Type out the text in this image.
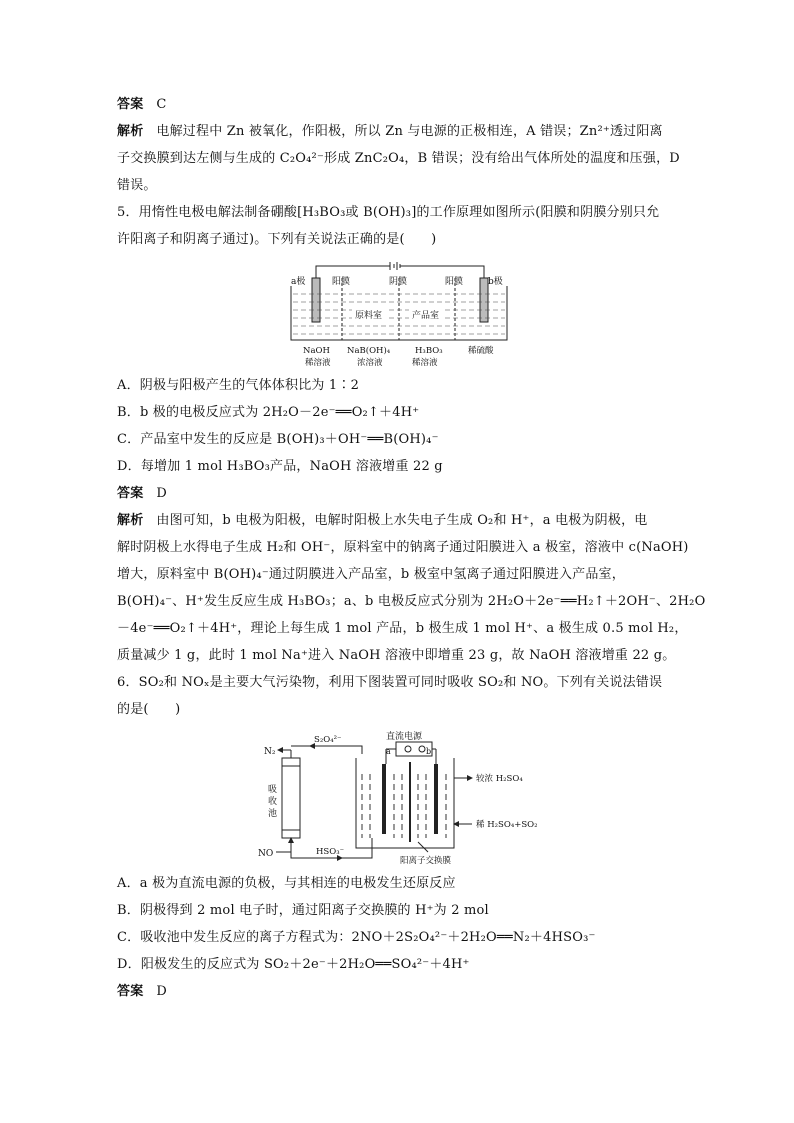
答案 C
解析 电解过程中 Zn 被氧化，作阳极，所以 Zn 与电源的正极相连，A 错误；Zn²⁺透过阳离
子交换膜到达左侧与生成的 C₂O₄²⁻形成 ZnC₂O₄，B 错误；没有给出气体所处的温度和压强，D
错误。
5．用惰性电极电解法制备硼酸[H₃BO₃或 B(OH)₃]的工作原理如图所示(阳膜和阴膜分别只允
许阳离子和阴离子通过)。下列有关说法正确的是(　　)
a极	b极
阳膜	阴膜	阳膜
原料室	产品室
NaOH
稀溶液
NaB(OH)₄
浓溶液
H₃BO₃
稀溶液
稀硫酸
A．阴极与阳极产生的气体体积比为 1∶2
B．b 极的电极反应式为 2H₂O－2e⁻══O₂↑＋4H⁺
C．产品室中发生的反应是 B(OH)₃＋OH⁻══B(OH)₄⁻
D．每增加 1 mol H₃BO₃产品，NaOH 溶液增重 22 g
答案 D
解析 由图可知，b 电极为阳极，电解时阳极上水失电子生成 O₂和 H⁺，a 电极为阴极，电
解时阴极上水得电子生成 H₂和 OH⁻，原料室中的钠离子通过阳膜进入 a 极室，溶液中 c(NaOH)
增大，原料室中 B(OH)₄⁻通过阴膜进入产品室，b 极室中氢离子通过阳膜进入产品室，
B(OH)₄⁻、H⁺发生反应生成 H₃BO₃；a、b 电极反应式分别为 2H₂O＋2e⁻══H₂↑＋2OH⁻、2H₂O
－4e⁻══O₂↑＋4H⁺，理论上每生成 1 mol 产品，b 极生成 1 mol H⁺、a 极生成 0.5 mol H₂，
质量减少 1 g，此时 1 mol Na⁺进入 NaOH 溶液中即增重 23 g，故 NaOH 溶液增重 22 g。
6．SO₂和 NOₓ是主要大气污染物，利用下图装置可同时吸收 SO₂和 NO。下列有关说法错误
的是(　　)
N₂
NO
S₂O₄²⁻
HSO₃⁻
吸
收
池
直流电源
a	b
较浓 H₂SO₄
稀 H₂SO₄+SO₂
阳离子交换膜
A．a 极为直流电源的负极，与其相连的电极发生还原反应
B．阴极得到 2 mol 电子时，通过阳离子交换膜的 H⁺为 2 mol
C．吸收池中发生反应的离子方程式为：2NO＋2S₂O₄²⁻＋2H₂O══N₂＋4HSO₃⁻
D．阳极发生的反应式为 SO₂＋2e⁻＋2H₂O══SO₄²⁻＋4H⁺
答案 D
